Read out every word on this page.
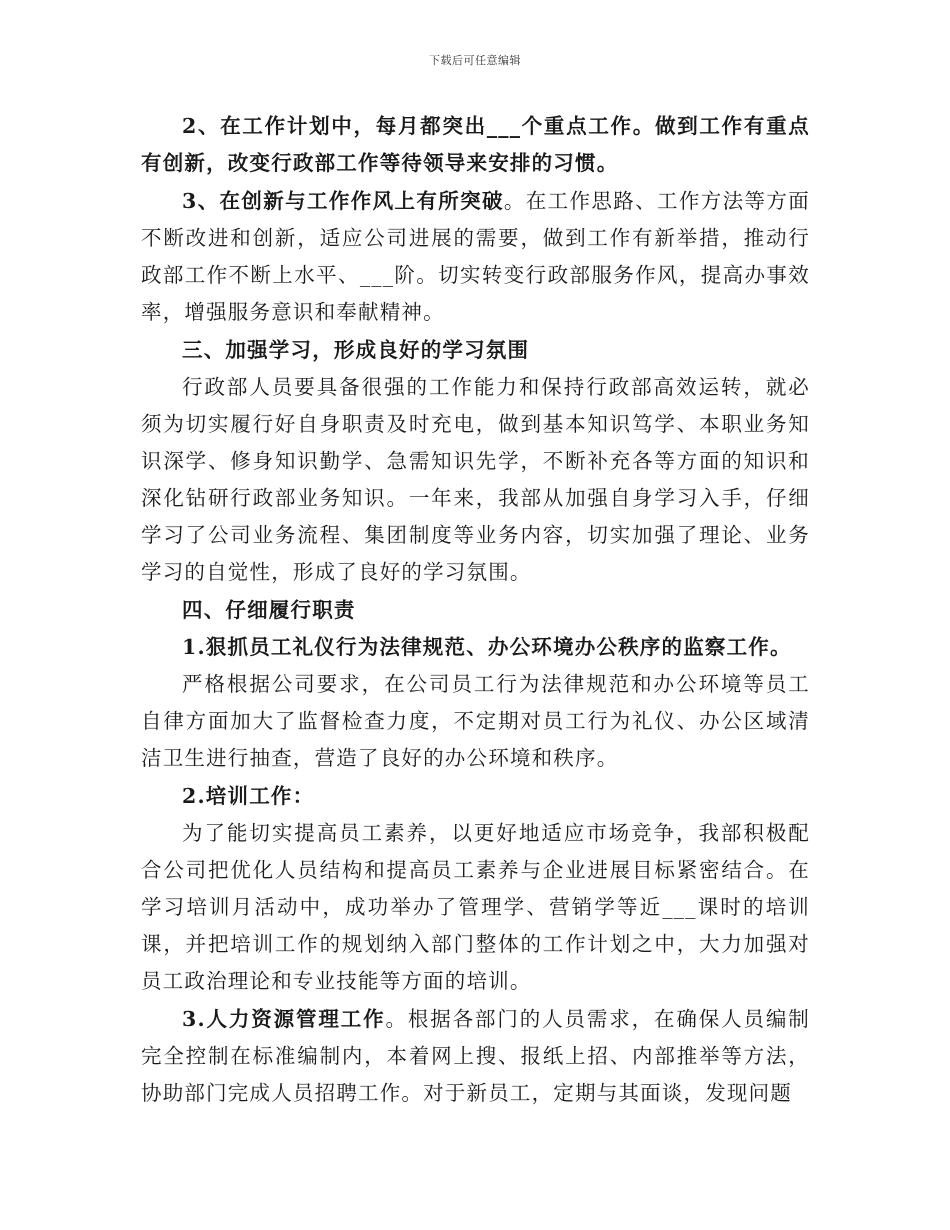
下载后可任意编辑

2、在工作计划中，每月都突出___个重点工作。做到工作有重点有创新，改变行政部工作等待领导来安排的习惯。

3、在创新与工作作风上有所突破。在工作思路、工作方法等方面不断改进和创新，适应公司进展的需要，做到工作有新举措，推动行政部工作不断上水平、___阶。切实转变行政部服务作风，提高办事效率，增强服务意识和奉献精神。

三、加强学习，形成良好的学习氛围

行政部人员要具备很强的工作能力和保持行政部高效运转，就必须为切实履行好自身职责及时充电，做到基本知识笃学、本职业务知识深学、修身知识勤学、急需知识先学，不断补充各等方面的知识和深化钻研行政部业务知识。一年来，我部从加强自身学习入手，仔细学习了公司业务流程、集团制度等业务内容，切实加强了理论、业务学习的自觉性，形成了良好的学习氛围。

四、仔细履行职责

1.狠抓员工礼仪行为法律规范、办公环境办公秩序的监察工作。

严格根据公司要求，在公司员工行为法律规范和办公环境等员工自律方面加大了监督检查力度，不定期对员工行为礼仪、办公区域清洁卫生进行抽查，营造了良好的办公环境和秩序。

2.培训工作：

为了能切实提高员工素养，以更好地适应市场竞争，我部积极配合公司把优化人员结构和提高员工素养与企业进展目标紧密结合。在学习培训月活动中，成功举办了管理学、营销学等近___课时的培训课，并把培训工作的规划纳入部门整体的工作计划之中，大力加强对员工政治理论和专业技能等方面的培训。

3.人力资源管理工作。根据各部门的人员需求，在确保人员编制完全控制在标准编制内，本着网上搜、报纸上招、内部推举等方法，协助部门完成人员招聘工作。对于新员工，定期与其面谈，发现问题
